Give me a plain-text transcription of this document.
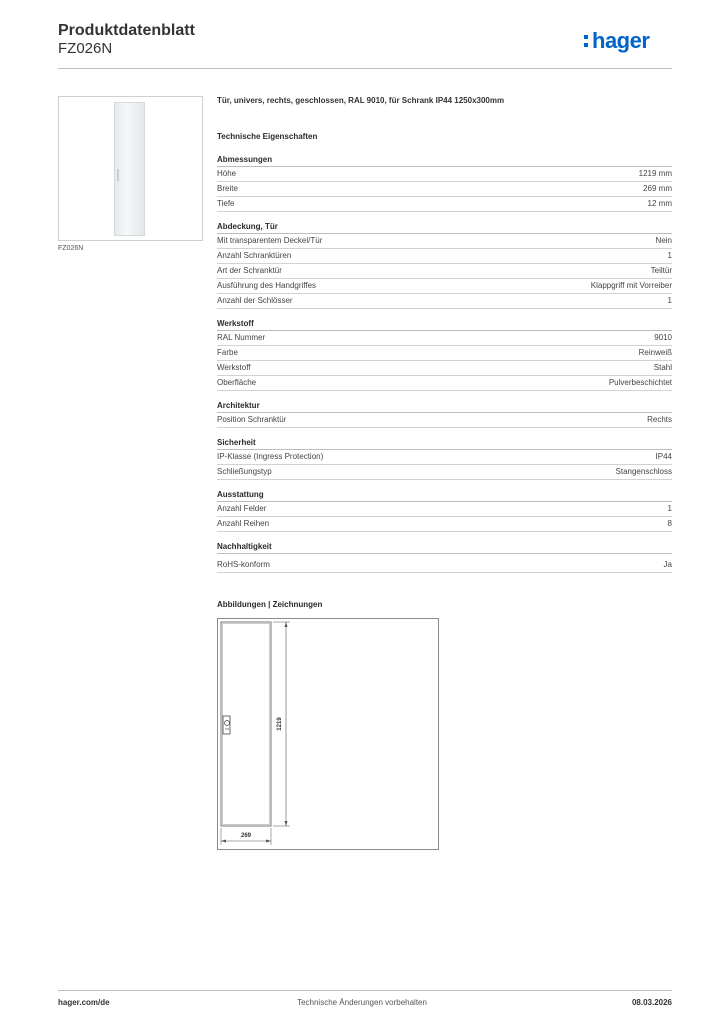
Produktdatenblatt
FZ026N	hager
FZ026N
Tür, univers, rechts, geschlossen, RAL 9010, für Schrank IP44 1250x300mm
Technische Eigenschaften
Abmessungen
Höhe	1219 mm
Breite	269 mm
Tiefe	12 mm
Abdeckung, Tür
Mit transparentem Deckel/Tür	Nein
Anzahl Schranktüren	1
Art der Schranktür	Teiltür
Ausführung des Handgriffes	Klappgriff mit Vorreiber
Anzahl der Schlösser	1
Werkstoff
RAL Nummer	9010
Farbe	Reinweiß
Werkstoff	Stahl
Oberfläche	Pulverbeschichtet
Architektur
Position Schranktür	Rechts
Sicherheit
IP-Klasse (Ingress Protection)	IP44
Schließungstyp	Stangenschloss
Ausstattung
Anzahl Felder	1
Anzahl Reihen	8
Nachhaltigkeit
RoHS-konform	Ja
Abbildungen | Zeichnungen
1219
269
hager.com/de	Technische Änderungen vorbehalten	08.03.2026
